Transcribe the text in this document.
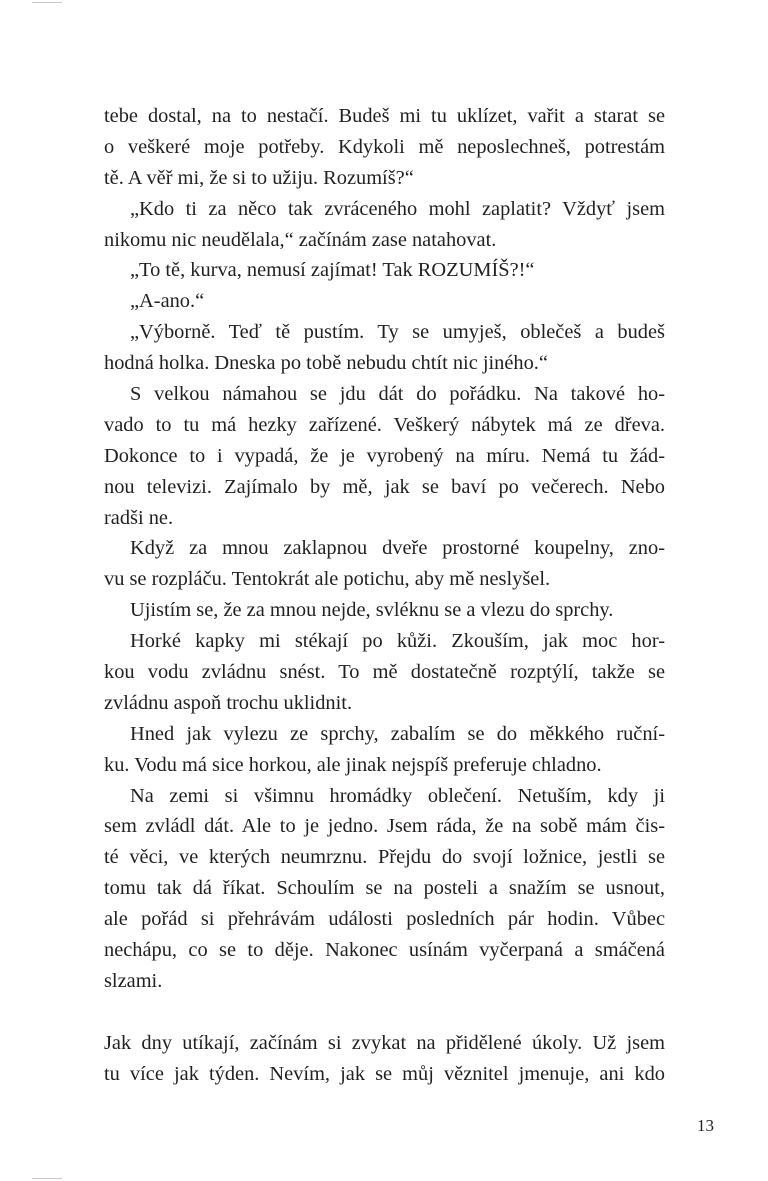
tebe dostal, na to nestačí. Budeš mi tu uklízet, vařit a starat se
o veškeré moje potřeby. Kdykoli mě neposlechneš, potrestám
tě. A věř mi, že si to užiju. Rozumíš?“
„Kdo ti za něco tak zvráceného mohl zaplatit? Vždyť jsem
nikomu nic neudělala,“ začínám zase natahovat.
„To tě, kurva, nemusí zajímat! Tak ROZUMÍŠ?!“
„A-ano.“
„Výborně. Teď tě pustím. Ty se umyješ, oblečeš a budeš
hodná holka. Dneska po tobě nebudu chtít nic jiného.“
S velkou námahou se jdu dát do pořádku. Na takové ho-
vado to tu má hezky zařízené. Veškerý nábytek má ze dřeva.
Dokonce to i vypadá, že je vyrobený na míru. Nemá tu žád-
nou televizi. Zajímalo by mě, jak se baví po večerech. Nebo
radši ne.
Když za mnou zaklapnou dveře prostorné koupelny, zno-
vu se rozpláču. Tentokrát ale potichu, aby mě neslyšel.
Ujistím se, že za mnou nejde, svléknu se a vlezu do sprchy.
Horké kapky mi stékají po kůži. Zkouším, jak moc hor-
kou vodu zvládnu snést. To mě dostatečně rozptýlí, takže se
zvládnu aspoň trochu uklidnit.
Hned jak vylezu ze sprchy, zabalím se do měkkého ruční-
ku. Vodu má sice horkou, ale jinak nejspíš preferuje chladno.
Na zemi si všimnu hromádky oblečení. Netuším, kdy ji
sem zvládl dát. Ale to je jedno. Jsem ráda, že na sobě mám čis-
té věci, ve kterých neumrznu. Přejdu do svojí ložnice, jestli se
tomu tak dá říkat. Schoulím se na posteli a snažím se usnout,
ale pořád si přehrávám události posledních pár hodin. Vůbec
nechápu, co se to děje. Nakonec usínám vyčerpaná a smáčená
slzami.
Jak dny utíkají, začínám si zvykat na přidělené úkoly. Už jsem
tu více jak týden. Nevím, jak se můj věznitel jmenuje, ani kdo
13
